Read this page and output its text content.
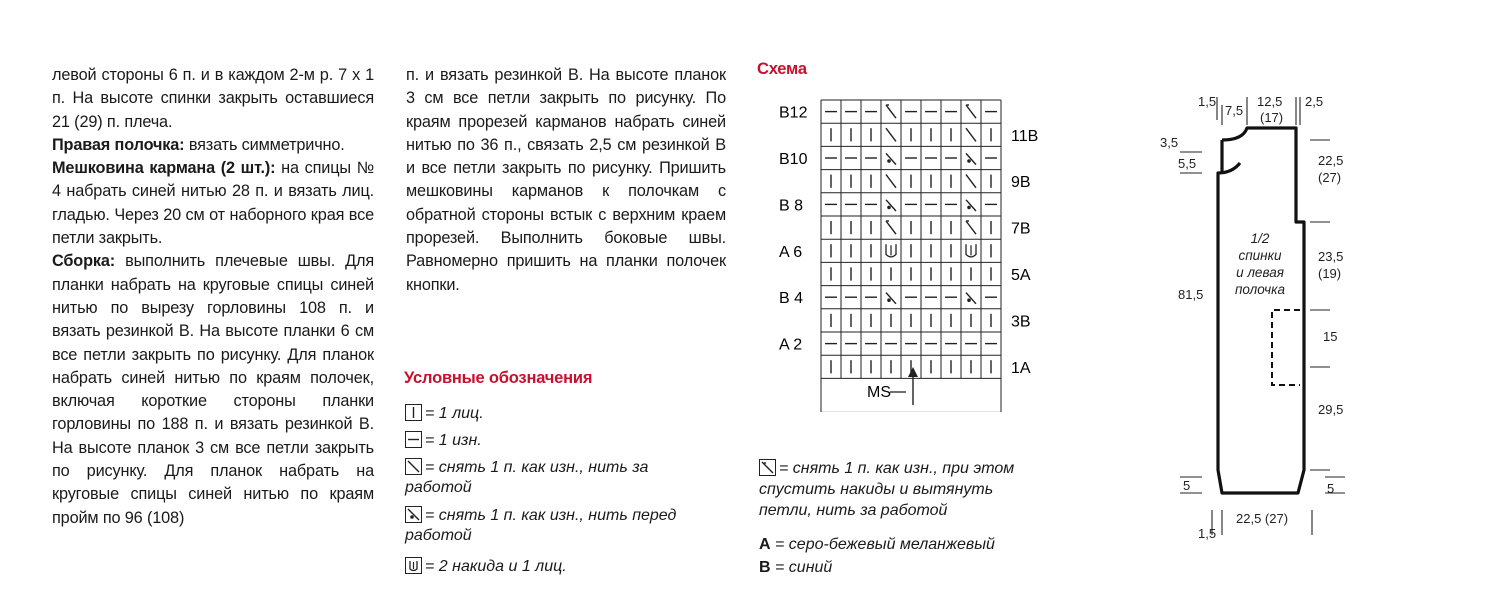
левой стороны 6 п. и в каждом 2-м р. 7 x 1 п. На высоте спинки закрыть оставшиеся 21 (29) п. плеча.

Правая полочка: вязать симметрично.

Мешковина кармана (2 шт.): на спицы № 4 набрать синей нитью 28 п. и вязать лиц. гладью. Через 20 см от наборного края все петли закрыть.

Сборка: выполнить плечевые швы. Для планки набрать на круговые спицы синей нитью по вырезу горловины 108 п. и вязать резинкой B. На высоте планки 6 см все петли закрыть по рисунку. Для планок набрать синей нитью по краям полочек, включая короткие стороны планки горловины по 188 п. и вязать резинкой B. На высоте планок 3 см все петли закрыть по рисунку. Для планок набрать на круговые спицы синей нитью по краям пройм по 96 (108)

п. и вязать резинкой B. На высоте планок 3 см все петли закрыть по рисунку. По краям прорезей карманов набрать синей нитью по 36 п., связать 2,5 см резинкой B и все петли закрыть по рисунку. Пришить мешковины карманов к полочкам с обратной стороны встык с верхним краем прорезей. Выполнить боковые швы. Равномерно пришить на планки полочек кнопки.

Условные обозначения
= 1 лиц.
= 1 изн.
= снять 1 п. как изн., нить за работой
= снять 1 п. как изн., нить перед работой
= 2 накида и 1 лиц.
Схема
B12
B10
B 8
A 6
B 4
A 2
11B
9B
7B
5A
3B
1A
MS
= снять 1 п. как изн., при этом спустить накиды и вытянуть петли, нить за работой
A = серо-бежевый меланжевый
B = синий
1,5
7,5
12,5
(17)
2,5
3,5
5,5
81,5
5
1,5
22,5
(27)
23,5
(19)
15
29,5
5
22,5 (27)
1/2
спинки
и левая
полочка
